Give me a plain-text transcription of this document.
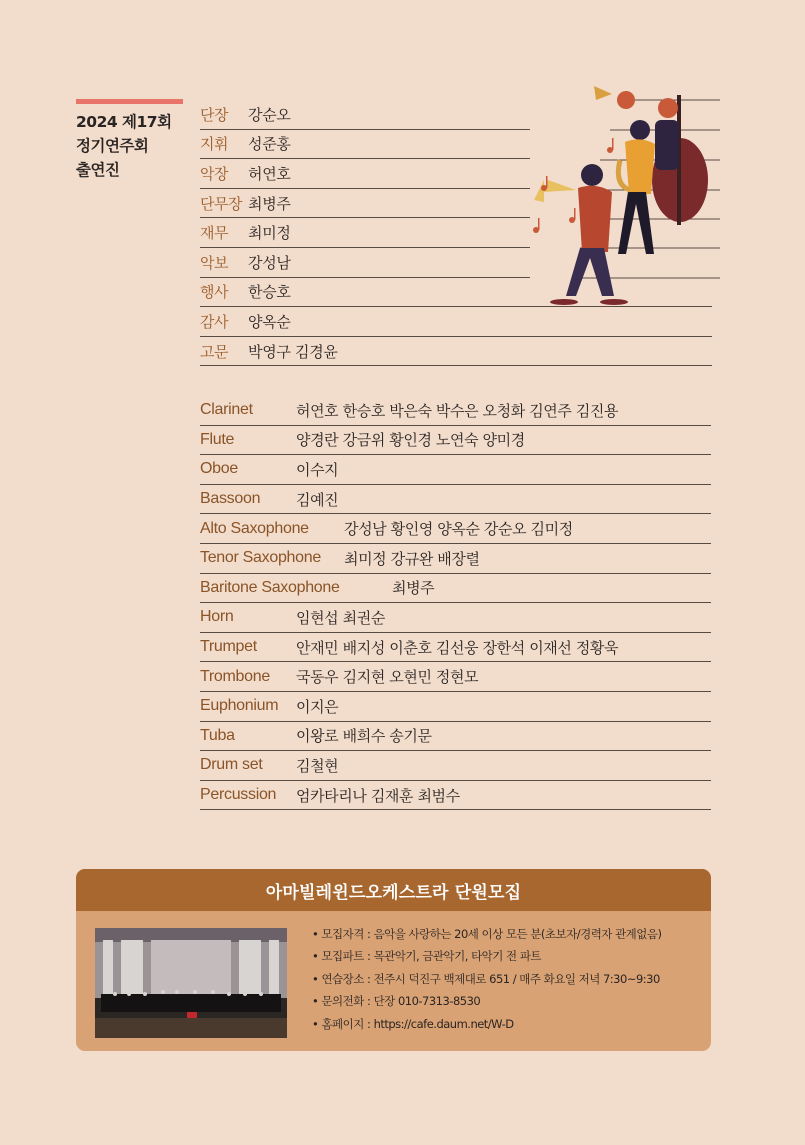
2024 제17회
정기연주회
출연진
단장	강순오
지휘	성준홍
악장	허연호
단무장 최병주
재무	최미정
악보	강성남
행사	한승호
감사	양옥순
고문	박영구 김경윤
Clarinet	허연호 한승호 박은숙 박수은 오청화 김연주 김진용
Flute	양경란 강금위 황인경 노연숙 양미경
Oboe	이수지
Bassoon	김예진
Alto Saxophone	강성남 황인영 양옥순 강순오 김미정
Tenor Saxophone	최미정 강규완 배장렬
Baritone Saxophone	최병주
Horn	임현섭 최권순
Trumpet	안재민 배지성 이춘호 김선웅 장한석 이재선 정황욱
Trombone	국동우 김지현 오현민 정현모
Euphonium	이지은
Tuba	이왕로 배희수 송기문
Drum set	김철현
Percussion	엄카타리나 김재훈 최범수
아마빌레윈드오케스트라 단원모집
• 모집자격 : 음악을 사랑하는 20세 이상 모든 분(초보자/경력자 관계없음)
• 모집파트 : 목관악기, 금관악기, 타악기 전 파트
• 연습장소 : 전주시 덕진구 백제대로 651 / 매주 화요일 저녁 7:30~9:30
• 문의전화 : 단장 010-7313-8530
• 홈페이지 : https://cafe.daum.net/W-D
